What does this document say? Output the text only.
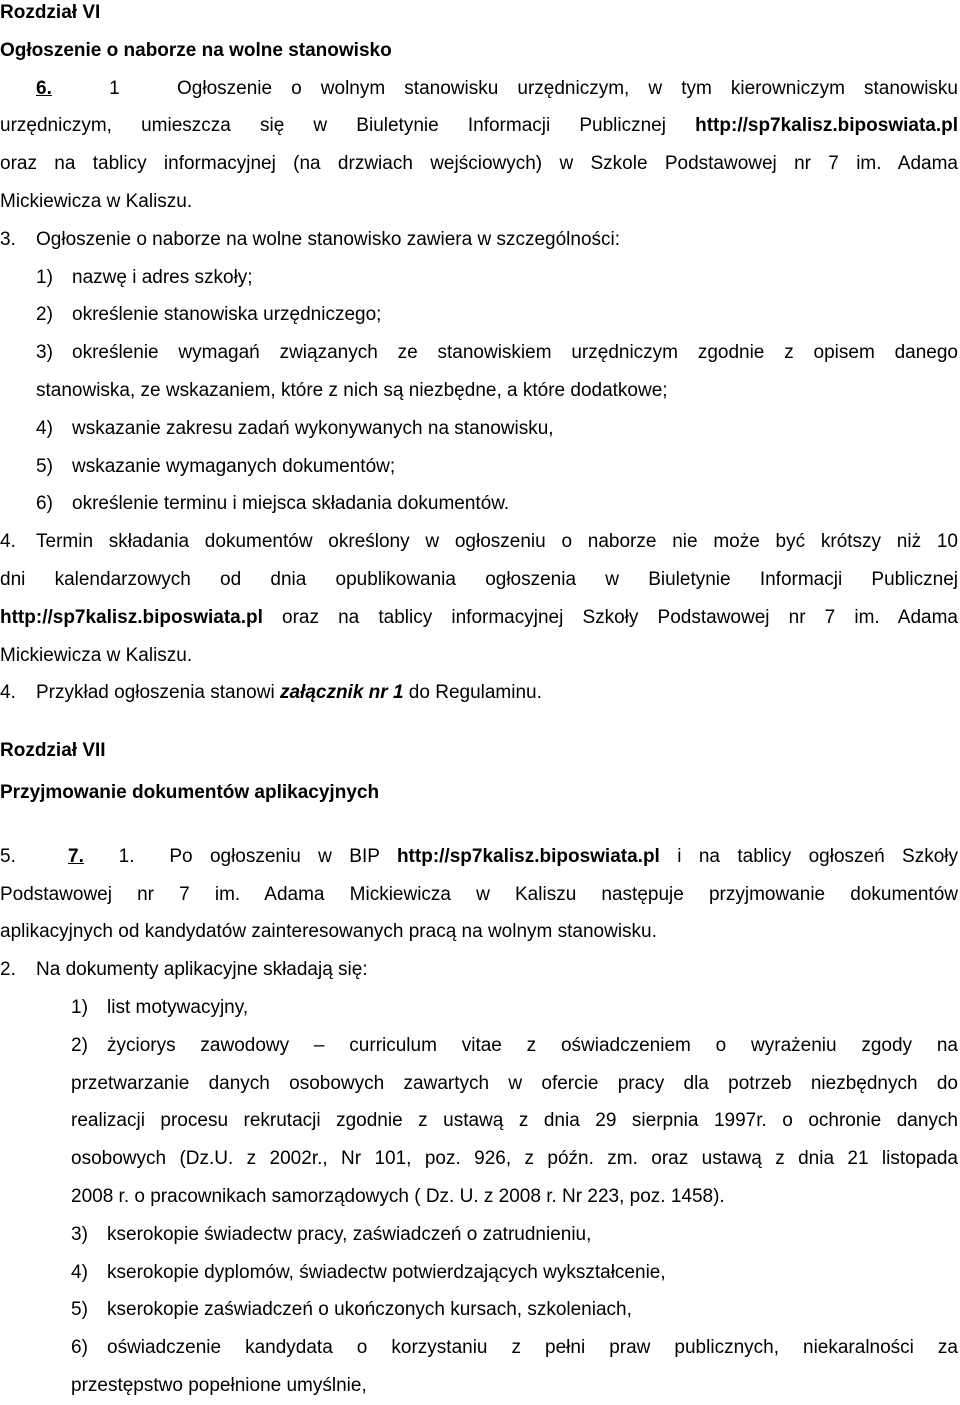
Rozdział VI

Ogłoszenie o naborze na wolne stanowisko

6.	1	Ogłoszenie o wolnym stanowisku urzędniczym, w tym kierowniczym stanowisku

urzędniczym, umieszcza się w Biuletynie Informacji Publicznej http://sp7kalisz.biposwiata.pl

oraz na tablicy informacyjnej (na drzwiach wejściowych) w Szkole Podstawowej nr 7 im. Adama

Mickiewicza w Kaliszu.

3.	Ogłoszenie o naborze na wolne stanowisko zawiera w szczególności:
1)	nazwę i adres szkoły;
2)	określenie stanowiska urzędniczego;
3)	określenie wymagań związanych ze stanowiskiem urzędniczym zgodnie z opisem danego
stanowiska, ze wskazaniem, które z nich są niezbędne, a które dodatkowe;
4)	wskazanie zakresu zadań wykonywanych na stanowisku,
5)	wskazanie wymaganych dokumentów;
6)	określenie terminu i miejsca składania dokumentów.
4.	Termin składania dokumentów określony w ogłoszeniu o naborze nie może być krótszy niż 10

dni kalendarzowych od dnia opublikowania ogłoszenia w Biuletynie Informacji Publicznej

http://sp7kalisz.biposwiata.pl oraz na tablicy informacyjnej Szkoły Podstawowej nr 7 im. Adama

Mickiewicza w Kaliszu.

4.	Przykład ogłoszenia stanowi załącznik nr 1 do Regulaminu.

Rozdział VII

Przyjmowanie dokumentów aplikacyjnych

5.	7. 1. Po ogłoszeniu w BIP http://sp7kalisz.biposwiata.pl i na tablicy ogłoszeń Szkoły

Podstawowej nr 7 im. Adama Mickiewicza w Kaliszu następuje przyjmowanie dokumentów

aplikacyjnych od kandydatów zainteresowanych pracą na wolnym stanowisku.

2.	Na dokumenty aplikacyjne składają się:
1)	list motywacyjny,
2)	życiorys zawodowy – curriculum vitae z oświadczeniem o wyrażeniu zgody na
przetwarzanie danych osobowych zawartych w ofercie pracy dla potrzeb niezbędnych do
realizacji procesu rekrutacji zgodnie z ustawą z dnia 29 sierpnia 1997r. o ochronie danych
osobowych (Dz.U. z 2002r., Nr 101, poz. 926, z późn. zm. oraz ustawą z dnia 21 listopada
2008 r. o pracownikach samorządowych ( Dz. U. z 2008 r. Nr 223, poz. 1458).
3)	kserokopie świadectw pracy, zaświadczeń o zatrudnieniu,
4)	kserokopie dyplomów, świadectw potwierdzających wykształcenie,
5)	kserokopie zaświadczeń o ukończonych kursach, szkoleniach,
6)	oświadczenie kandydata o korzystaniu z pełni praw publicznych, niekaralności za
przestępstwo popełnione umyślnie,
